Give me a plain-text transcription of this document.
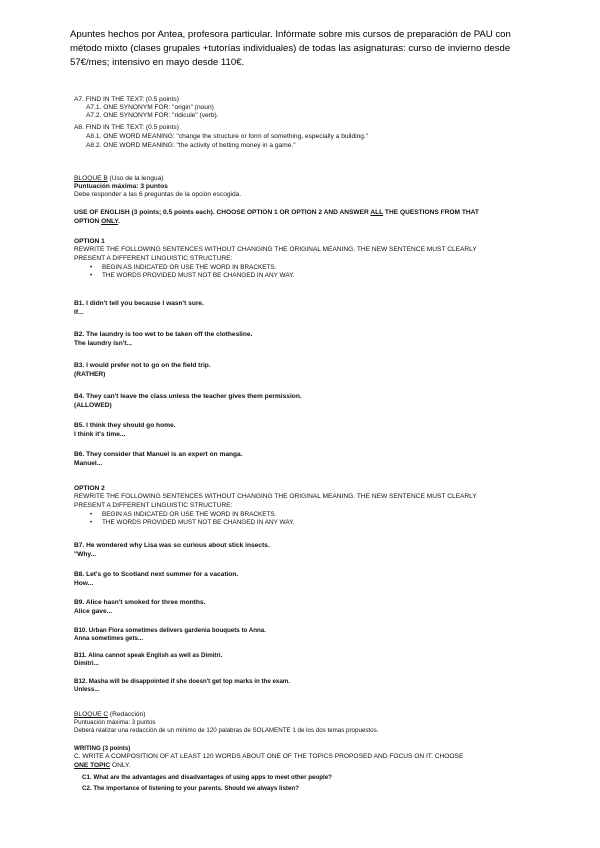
Apuntes hechos por Antea, profesora particular. Infórmate sobre mis cursos de preparación de PAU con método mixto (clases grupales +tutorías individuales) de todas las asignaturas: curso de invierno desde 57€/mes; intensivo en mayo desde 110€.
A7. FIND IN THE TEXT: (0.5 points)
A7.1. ONE SYNONYM FOR: "origin" (noun)
A7.2. ONE SYNONYM FOR: "ridicule" (verb).
A8. FIND IN THE TEXT: (0.5 points)
A8.1. ONE WORD MEANING: "change the structure or form of something, especially a building."
A8.2. ONE WORD MEANING: "the activity of betting money in a game."
BLOQUE B (Uso de la lengua)
Puntuación máxima: 3 puntos
Debe responder a las 6 preguntas de la opción escogida.
USE OF ENGLISH (3 points; 0.5 points each). CHOOSE OPTION 1 OR OPTION 2 AND ANSWER ALL THE QUESTIONS FROM THAT
OPTION ONLY.
OPTION 1
REWRITE THE FOLLOWING SENTENCES WITHOUT CHANGING THE ORIGINAL MEANING. THE NEW SENTENCE MUST CLEARLY
PRESENT A DIFFERENT LINGUISTIC STRUCTURE:
• BEGIN AS INDICATED OR USE THE WORD IN BRACKETS.
• THE WORDS PROVIDED MUST NOT BE CHANGED IN ANY WAY.
B1. I didn't tell you because I wasn't sure.
If...
B2. The laundry is too wet to be taken off the clothesline.
The laundry isn't...
B3. I would prefer not to go on the field trip.
(RATHER)
B4. They can't leave the class unless the teacher gives them permission.
(ALLOWED)
B5. I think they should go home.
I think it's time...
B6. They consider that Manuel is an expert on manga.
Manuel...
OPTION 2
REWRITE THE FOLLOWING SENTENCES WITHOUT CHANGING THE ORIGINAL MEANING. THE NEW SENTENCE MUST CLEARLY
PRESENT A DIFFERENT LINGUISTIC STRUCTURE:
• BEGIN AS INDICATED OR USE THE WORD IN BRACKETS.
• THE WORDS PROVIDED MUST NOT BE CHANGED IN ANY WAY.
B7. He wondered why Lisa was so curious about stick insects.
"Why...
B8. Let's go to Scotland next summer for a vacation.
How...
B9. Alice hasn't smoked for three months.
Alice gave...
B10. Urban Flora sometimes delivers gardenia bouquets to Anna.
Anna sometimes gets...
B11. Alina cannot speak English as well as Dimitri.
Dimitri...
B12. Masha will be disappointed if she doesn't get top marks in the exam.
Unless...
BLOQUE C (Redacción)
Puntuación máxima: 3 puntos
Deberá realizar una redacción de un mínimo de 120 palabras de SOLAMENTE 1 de los dos temas propuestos.
WRITING (3 points)
C. WRITE A COMPOSITION OF AT LEAST 120 WORDS ABOUT ONE OF THE TOPICS PROPOSED AND FOCUS ON IT. CHOOSE
ONE TOPIC ONLY.
C1. What are the advantages and disadvantages of using apps to meet other people?
C2. The importance of listening to your parents. Should we always listen?
